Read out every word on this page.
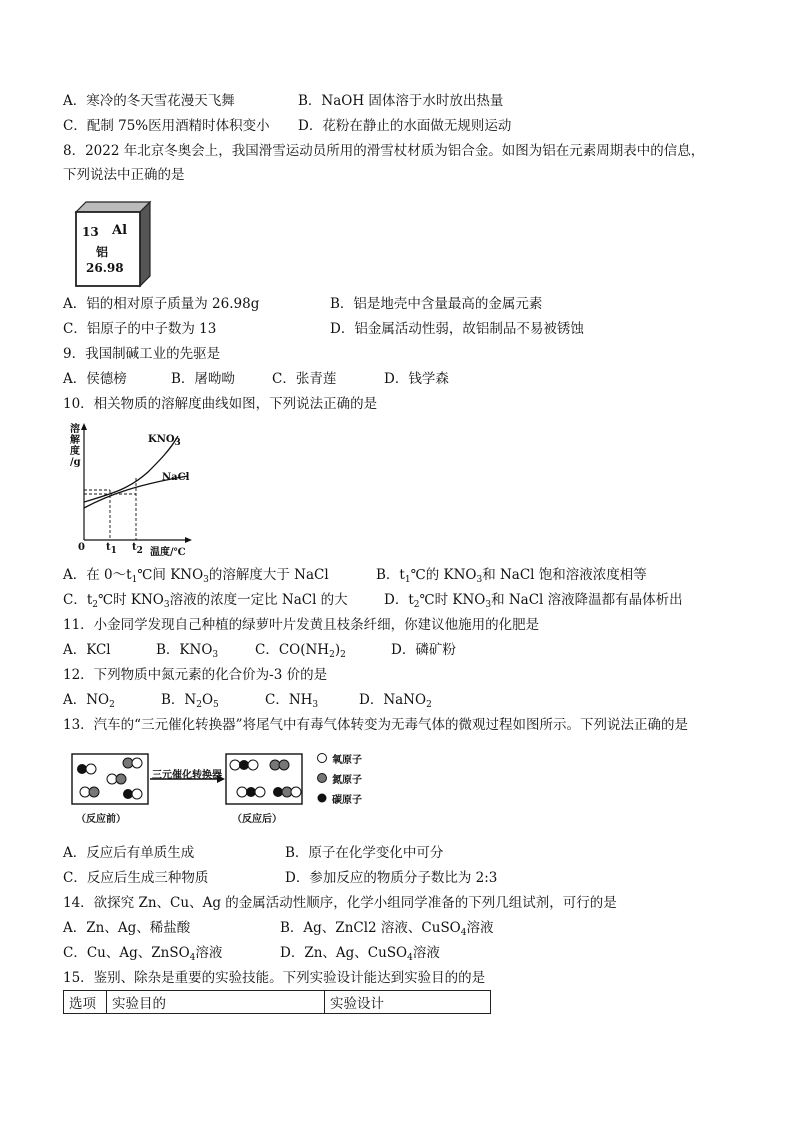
A．寒冷的冬天雪花漫天飞舞	B．NaOH 固体溶于水时放出热量
C．配制 75%医用酒精时体积变小 D．花粉在静止的水面做无规则运动
8．2022 年北京冬奥会上，我国滑雪运动员所用的滑雪杖材质为铝合金。如图为铝在元素周期表中的信息，
下列说法中正确的是
13 Al
铝
26.98
A．铝的相对原子质量为 26.98g	B．铝是地壳中含量最高的金属元素
C．铝原子的中子数为 13	D．铝金属活动性弱，故铝制品不易被锈蚀
9．我国制碱工业的先驱是
A．侯德榜	B．屠呦呦	C．张青莲	D．钱学森
10．相关物质的溶解度曲线如图，下列说法正确的是
溶
解
度
/g
KNO3
NaCl
0 t1 t2 温度/℃
A．在 $0\sim t_1℃$间 $KNO_3$的溶解度大于 NaCl	B．$t_1℃$的 $KNO_3$和 NaCl 饱和溶液浓度相等
C．$t_2℃$时 $KNO_3$溶液的浓度一定比 NaCl 的大	D．$t_2℃$时 $KNO_3$和 NaCl 溶液降温都有晶体析出
11．小金同学发现自己种植的绿萝叶片发黄且枝条纤细，你建议他施用的化肥是
A．KCl	B．$KNO_3$	C．$CO(NH_2)_2$	D．磷矿粉
12．下列物质中氮元素的化合价为-3 价的是
A．$NO_2$	B．$N_2O_5$	C．$NH_3$	D．NaNO$_2$
13．汽车的“三元催化转换器”将尾气中有毒气体转变为无毒气体的微观过程如图所示。下列说法正确的是
三元催化转换器
（反应前）	（反应后）
氧原子
氮原子
碳原子
A．反应后有单质生成	B．原子在化学变化中可分
C．反应后生成三种物质	D．参加反应的物质分子数比为 2:3
14．欲探究 Zn、Cu、Ag 的金属活动性顺序，化学小组同学准备的下列几组试剂，可行的是
A．Zn、Ag、稀盐酸	B．Ag、ZnCl2 溶液、CuSO$_4$溶液
C．Cu、Ag、ZnSO$_4$溶液	D．Zn、Ag、CuSO$_4$溶液
15．鉴别、除杂是重要的实验技能。下列实验设计能达到实验目的的是
选项	实验目的	实验设计
